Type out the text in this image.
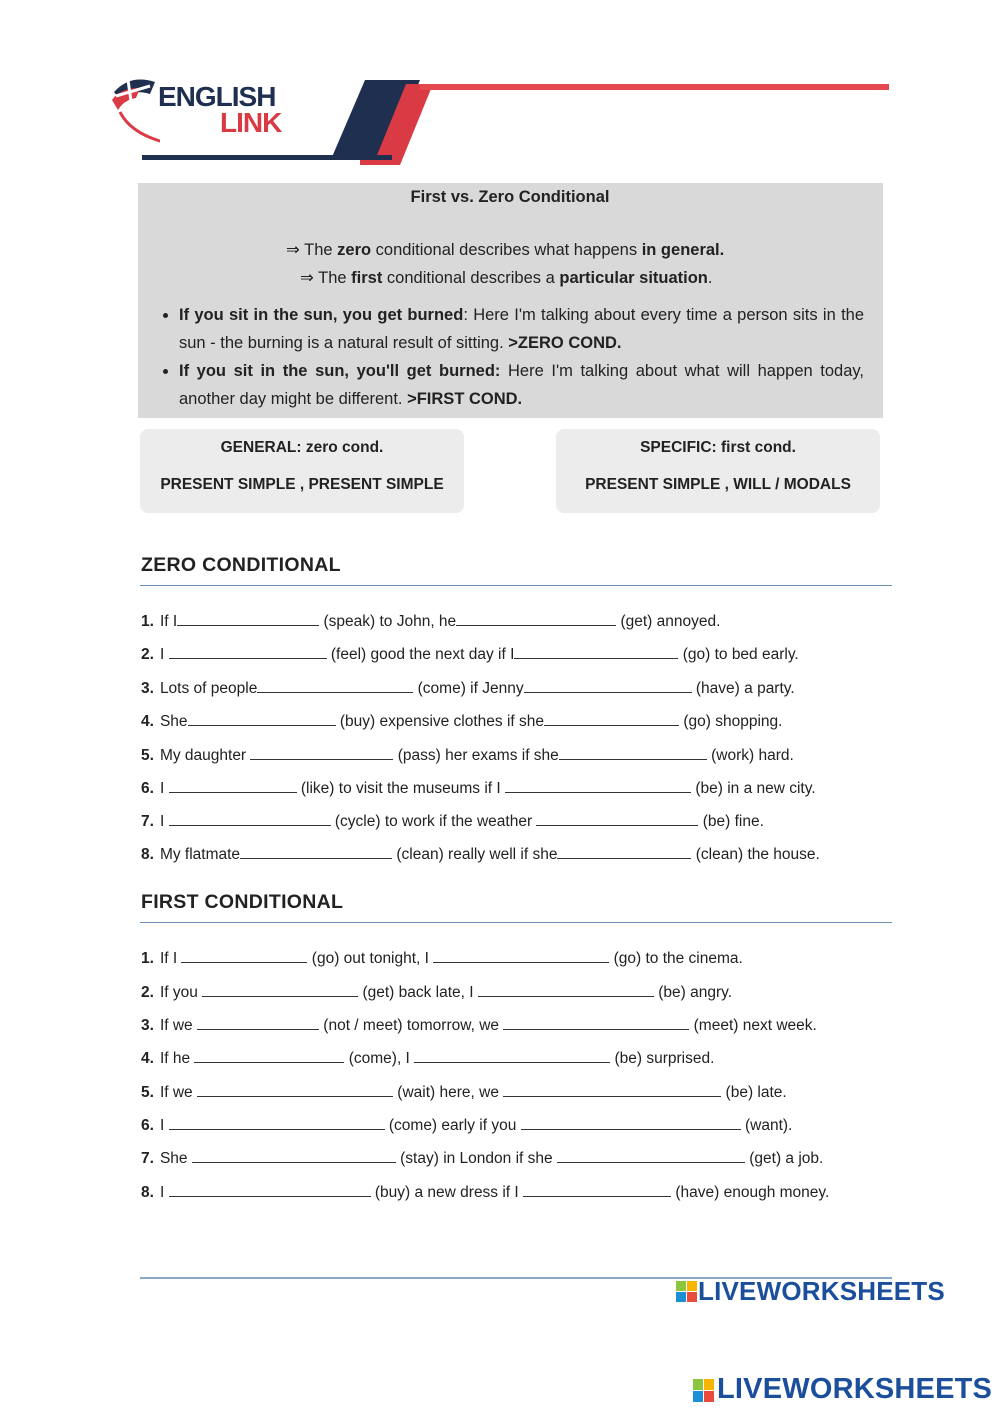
ENGLISH
LINK
First vs. Zero Conditional
⇒ The zero conditional describes what happens in general.
⇒ The first conditional describes a particular situation.
• If you sit in the sun, you get burned: Here I'm talking about every time a person sits in the sun - the burning is a natural result of sitting. >ZERO COND.
• If you sit in the sun, you'll get burned: Here I'm talking about what will happen today, another day might be different. >FIRST COND.
GENERAL: zero cond.
PRESENT SIMPLE , PRESENT SIMPLE
SPECIFIC: first cond.
PRESENT SIMPLE , WILL / MODALS
ZERO CONDITIONAL
1. If I	(speak) to John, he	(get) annoyed.
2. I	(feel) good the next day if I	(go) to bed early.
3. Lots of people	(come) if Jenny	(have) a party.
4. She	(buy) expensive clothes if she	(go) shopping.
5. My daughter	(pass) her exams if she	(work) hard.
6. I	(like) to visit the museums if I	(be) in a new city.
7. I	(cycle) to work if the weather	(be) fine.
8. My flatmate	(clean) really well if she	(clean) the house.
FIRST CONDITIONAL
1. If I	(go) out tonight, I	(go) to the cinema.
2. If you	(get) back late, I	(be) angry.
3. If we	(not / meet) tomorrow, we	(meet) next week.
4. If he	(come), I	(be) surprised.
5. If we	(wait) here, we	(be) late.
6. I	(come) early if you	(want).
7. She	(stay) in London if she	(get) a job.
8. I	(buy) a new dress if I	(have) enough money.
LIVEWORKSHEETS
LIVEWORKSHEETS
